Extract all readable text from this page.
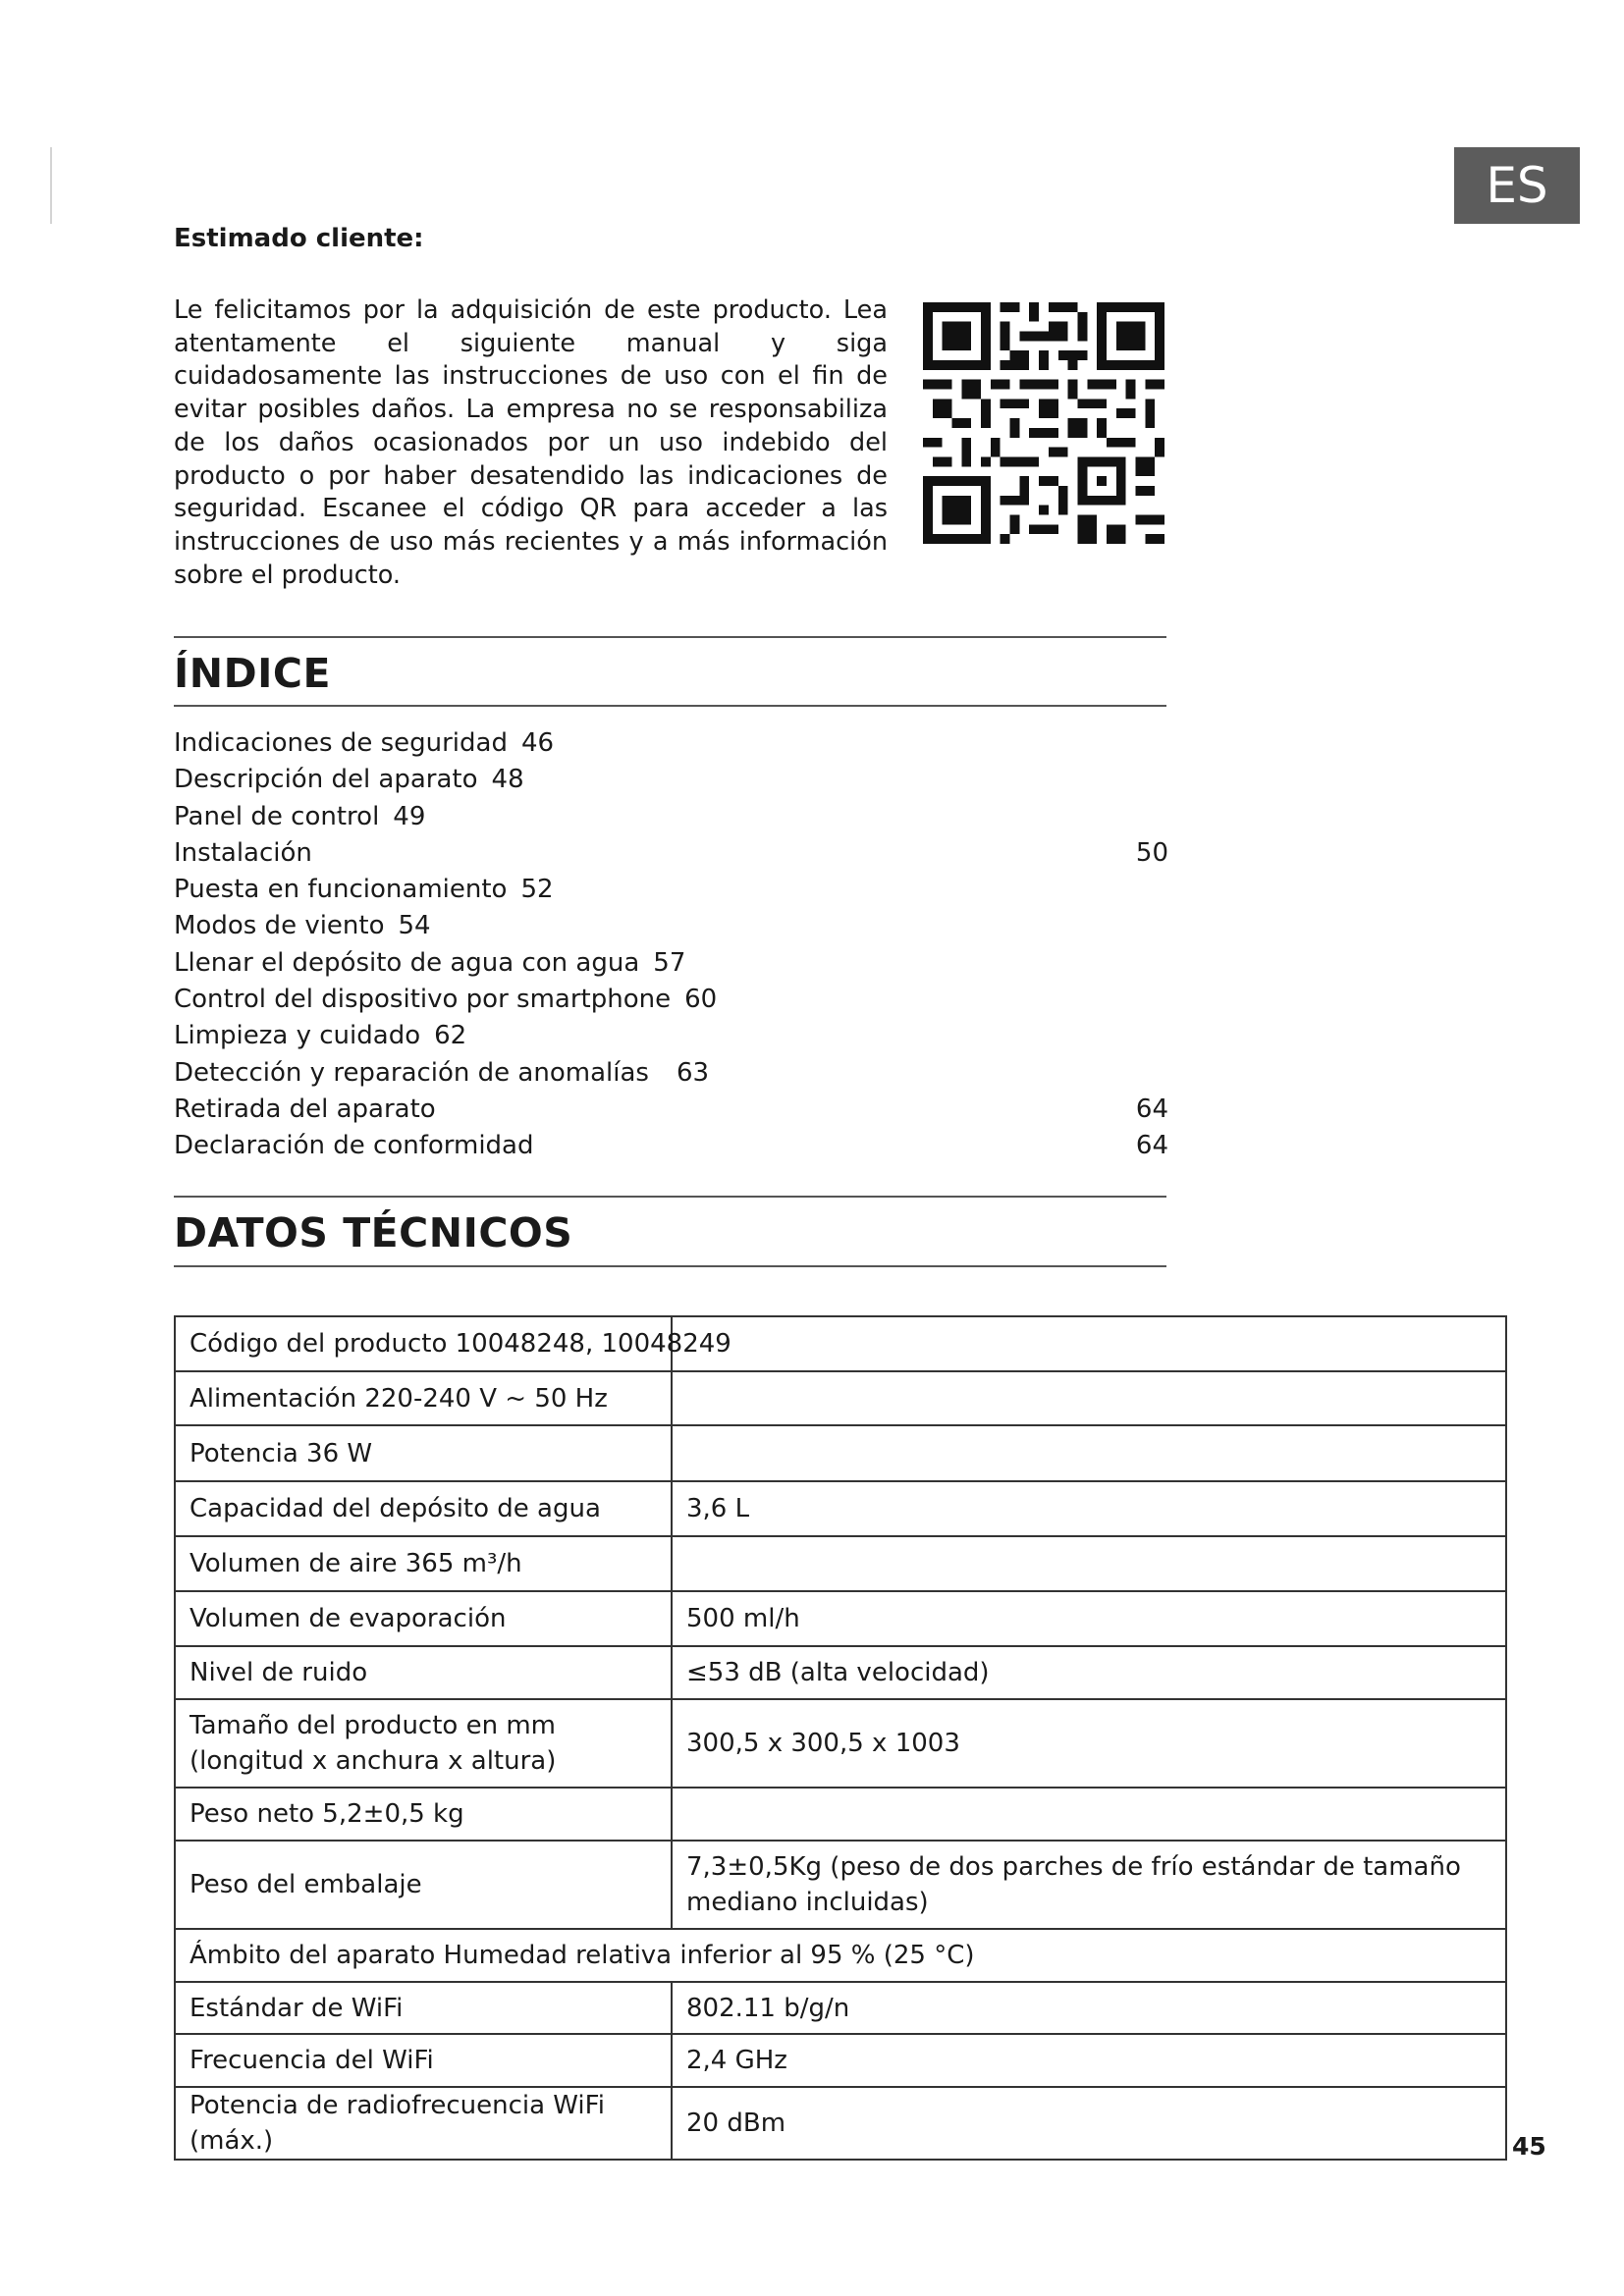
ES
Estimado cliente:

Le felicitamos por la adquisición de este producto. Lea atentamente el siguiente manual y siga cuidadosamente las instrucciones de uso con el fin de evitar posibles daños. La empresa no se responsabiliza de los daños ocasionados por un uso indebido del producto o por haber desatendido las indicaciones de seguridad. Escanee el código QR para acceder a las instrucciones de uso más recientes y a más información sobre el producto.

ÍNDICE
Indicaciones de seguridad 46
Descripción del aparato 48
Panel de control 49
Instalación	50
Puesta en funcionamiento 52
Modos de viento 54
Llenar el depósito de agua con agua 57
Control del dispositivo por smartphone 60
Limpieza y cuidado 62
Detección y reparación de anomalías 63
Retirada del aparato	64
Declaración de conformidad	64
DATOS TÉCNICOS
Código del producto 10048248, 10048249	
Alimentación 220-240 V ~ 50 Hz	
Potencia 36 W	
Capacidad del depósito de agua	3,6 L
Volumen de aire 365 m³/h	
Volumen de evaporación	500 ml/h
Nivel de ruido	≤53 dB (alta velocidad)
Tamaño del producto en mm (longitud x anchura x altura)	300,5 x 300,5 x 1003
Peso neto 5,2±0,5 kg	
Peso del embalaje	7,3±0,5Kg (peso de dos parches de frío estándar de tamaño mediano incluidas)
Ámbito del aparato Humedad relativa inferior al 95 % (25 °C)	
Estándar de WiFi	802.11 b/g/n
Frecuencia del WiFi	2,4 GHz
Potencia de radiofrecuencia WiFi (máx.)	20 dBm
45
